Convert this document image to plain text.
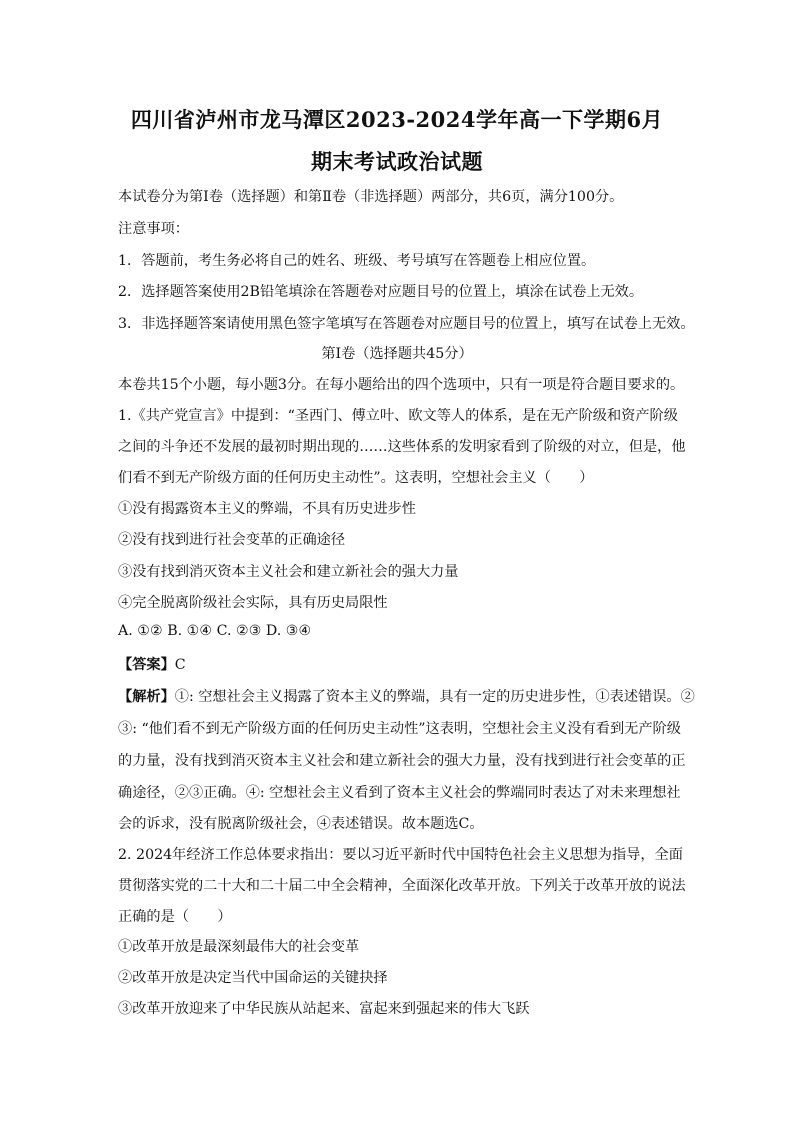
四川省泸州市龙马潭区2023-2024学年高一下学期6月
期末考试政治试题
本试卷分为第Ⅰ卷（选择题）和第Ⅱ卷（非选择题）两部分，共6页，满分100分。
注意事项：
1．答题前，考生务必将自己的姓名、班级、考号填写在答题卷上相应位置。
2．选择题答案使用2B铅笔填涂在答题卷对应题目号的位置上，填涂在试卷上无效。
3．非选择题答案请使用黑色签字笔填写在答题卷对应题目号的位置上，填写在试卷上无效。
第Ⅰ卷（选择题共45分）
本卷共15个小题，每小题3分。在每小题给出的四个选项中，只有一项是符合题目要求的。
1.《共产党宣言》中提到：“圣西门、傅立叶、欧文等人的体系，是在无产阶级和资产阶级
之间的斗争还不发展的最初时期出现的……这些体系的发明家看到了阶级的对立，但是，他
们看不到无产阶级方面的任何历史主动性”。这表明，空想社会主义（　　）
①没有揭露资本主义的弊端，不具有历史进步性
②没有找到进行社会变革的正确途径
③没有找到消灭资本主义社会和建立新社会的强大力量
④完全脱离阶级社会实际，具有历史局限性
A. ①② B. ①④ C. ②③ D. ③④
【答案】C
【解析】①: 空想社会主义揭露了资本主义的弊端，具有一定的历史进步性，①表述错误。②
③: “他们看不到无产阶级方面的任何历史主动性”这表明，空想社会主义没有看到无产阶级
的力量，没有找到消灭资本主义社会和建立新社会的强大力量，没有找到进行社会变革的正
确途径，②③正确。④: 空想社会主义看到了资本主义社会的弊端同时表达了对未来理想社
会的诉求，没有脱离阶级社会，④表述错误。故本题选C。
2. 2024年经济工作总体要求指出：要以习近平新时代中国特色社会主义思想为指导，全面
贯彻落实党的二十大和二十届二中全会精神，全面深化改革开放。下列关于改革开放的说法
正确的是（　　）
①改革开放是最深刻最伟大的社会变革
②改革开放是决定当代中国命运的关键抉择
③改革开放迎来了中华民族从站起来、富起来到强起来的伟大飞跃
